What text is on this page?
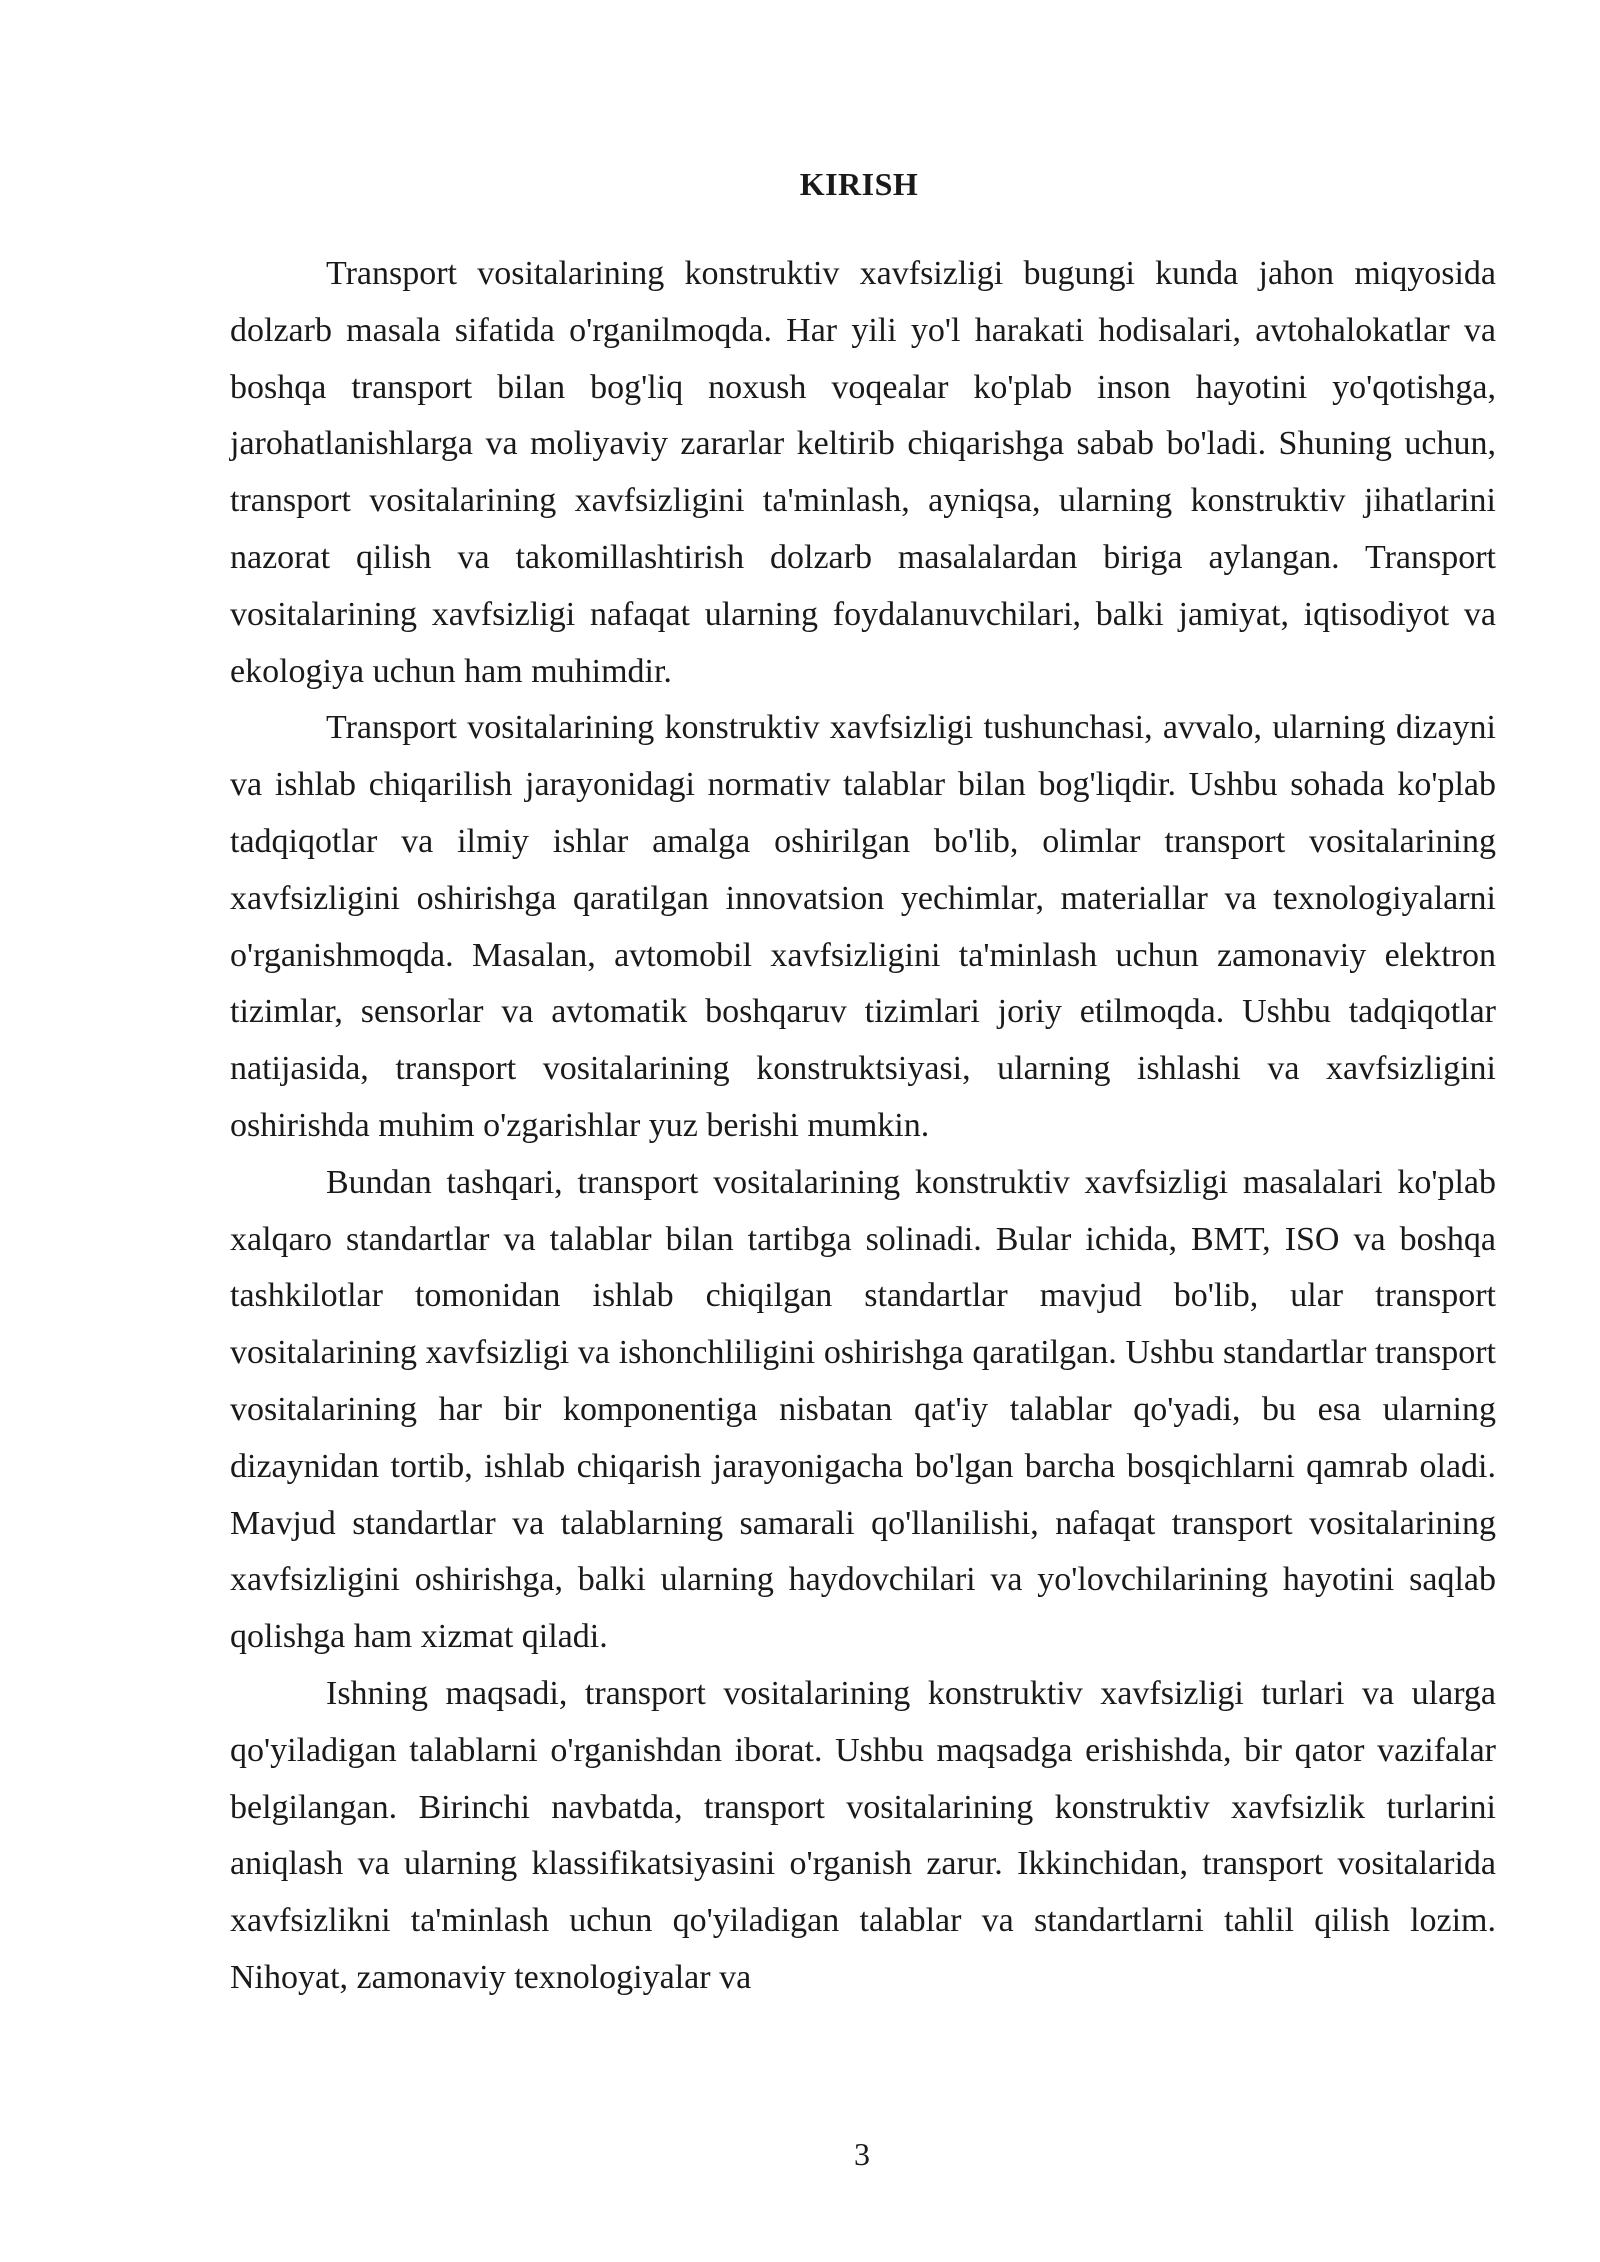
KIRISH

Transport vositalarining konstruktiv xavfsizligi bugungi kunda jahon miqyosida dolzarb masala sifatida o'rganilmoqda. Har yili yo'l harakati hodisalari, avtohalokatlar va boshqa transport bilan bog'liq noxush voqealar ko'plab inson hayotini yo'qotishga, jarohatlanishlarga va moliyaviy zararlar keltirib chiqarishga sabab bo'ladi. Shuning uchun, transport vositalarining xavfsizligini ta'minlash, ayniqsa, ularning konstruktiv jihatlarini nazorat qilish va takomillashtirish dolzarb masalalardan biriga aylangan. Transport vositalarining xavfsizligi nafaqat ularning foydalanuvchilari, balki jamiyat, iqtisodiyot va ekologiya uchun ham muhimdir.

Transport vositalarining konstruktiv xavfsizligi tushunchasi, avvalo, ularning dizayni va ishlab chiqarilish jarayonidagi normativ talablar bilan bog'liqdir. Ushbu sohada ko'plab tadqiqotlar va ilmiy ishlar amalga oshirilgan bo'lib, olimlar transport vositalarining xavfsizligini oshirishga qaratilgan innovatsion yechimlar, materiallar va texnologiyalarni o'rganishmoqda. Masalan, avtomobil xavfsizligini ta'minlash uchun zamonaviy elektron tizimlar, sensorlar va avtomatik boshqaruv tizimlari joriy etilmoqda. Ushbu tadqiqotlar natijasida, transport vositalarining konstruktsiyasi, ularning ishlashi va xavfsizligini oshirishda muhim o'zgarishlar yuz berishi mumkin.

Bundan tashqari, transport vositalarining konstruktiv xavfsizligi masalalari ko'plab xalqaro standartlar va talablar bilan tartibga solinadi. Bular ichida, BMT, ISO va boshqa tashkilotlar tomonidan ishlab chiqilgan standartlar mavjud bo'lib, ular transport vositalarining xavfsizligi va ishonchliligini oshirishga qaratilgan. Ushbu standartlar transport vositalarining har bir komponentiga nisbatan qat'iy talablar qo'yadi, bu esa ularning dizaynidan tortib, ishlab chiqarish jarayonigacha bo'lgan barcha bosqichlarni qamrab oladi. Mavjud standartlar va talablarning samarali qo'llanilishi, nafaqat transport vositalarining xavfsizligini oshirishga, balki ularning haydovchilari va yo'lovchilarining hayotini saqlab qolishga ham xizmat qiladi.

Ishning maqsadi, transport vositalarining konstruktiv xavfsizligi turlari va ularga qo'yiladigan talablarni o'rganishdan iborat. Ushbu maqsadga erishishda, bir qator vazifalar belgilangan. Birinchi navbatda, transport vositalarining konstruktiv xavfsizlik turlarini aniqlash va ularning klassifikatsiyasini o'rganish zarur. Ikkinchidan, transport vositalarida xavfsizlikni ta'minlash uchun qo'yiladigan talablar va standartlarni tahlil qilish lozim. Nihoyat, zamonaviy texnologiyalar va

3
